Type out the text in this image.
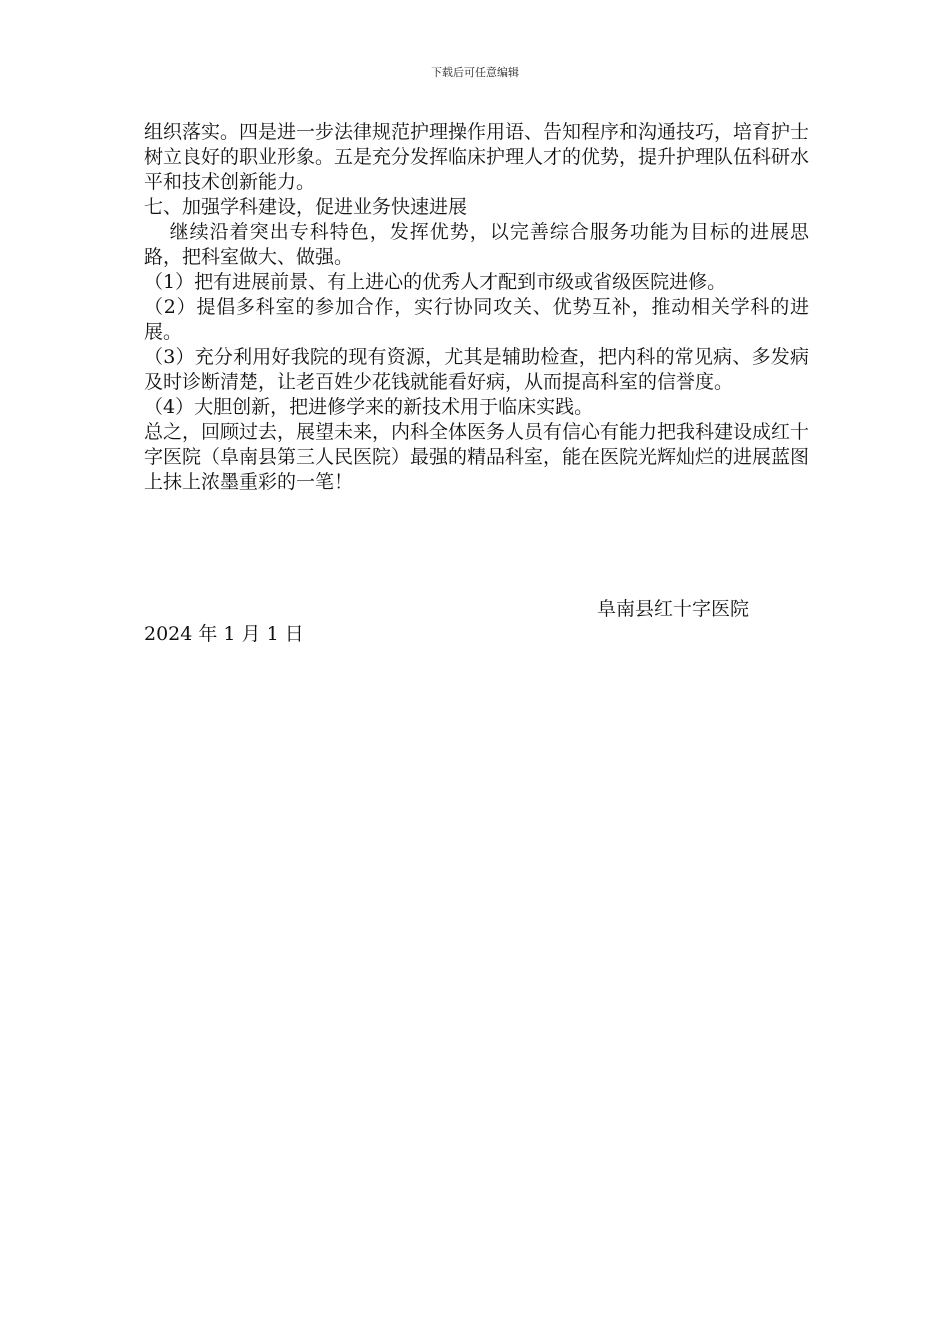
下载后可任意编辑

组织落实。四是进一步法律规范护理操作用语、告知程序和沟通技巧，培育护士树立良好的职业形象。五是充分发挥临床护理人才的优势，提升护理队伍科研水平和技术创新能力。

七、加强学科建设，促进业务快速进展

继续沿着突出专科特色，发挥优势，以完善综合服务功能为目标的进展思路，把科室做大、做强。

（1）把有进展前景、有上进心的优秀人才配到市级或省级医院进修。

（2）提倡多科室的参加合作，实行协同攻关、优势互补，推动相关学科的进展。

（3）充分利用好我院的现有资源，尤其是辅助检查，把内科的常见病、多发病及时诊断清楚，让老百姓少花钱就能看好病，从而提高科室的信誉度。

（4）大胆创新，把进修学来的新技术用于临床实践。

总之，回顾过去，展望未来，内科全体医务人员有信心有能力把我科建设成红十字医院（阜南县第三人民医院）最强的精品科室，能在医院光辉灿烂的进展蓝图上抹上浓墨重彩的一笔！

阜南县红十字医院
2024 年 1 月 1 日
